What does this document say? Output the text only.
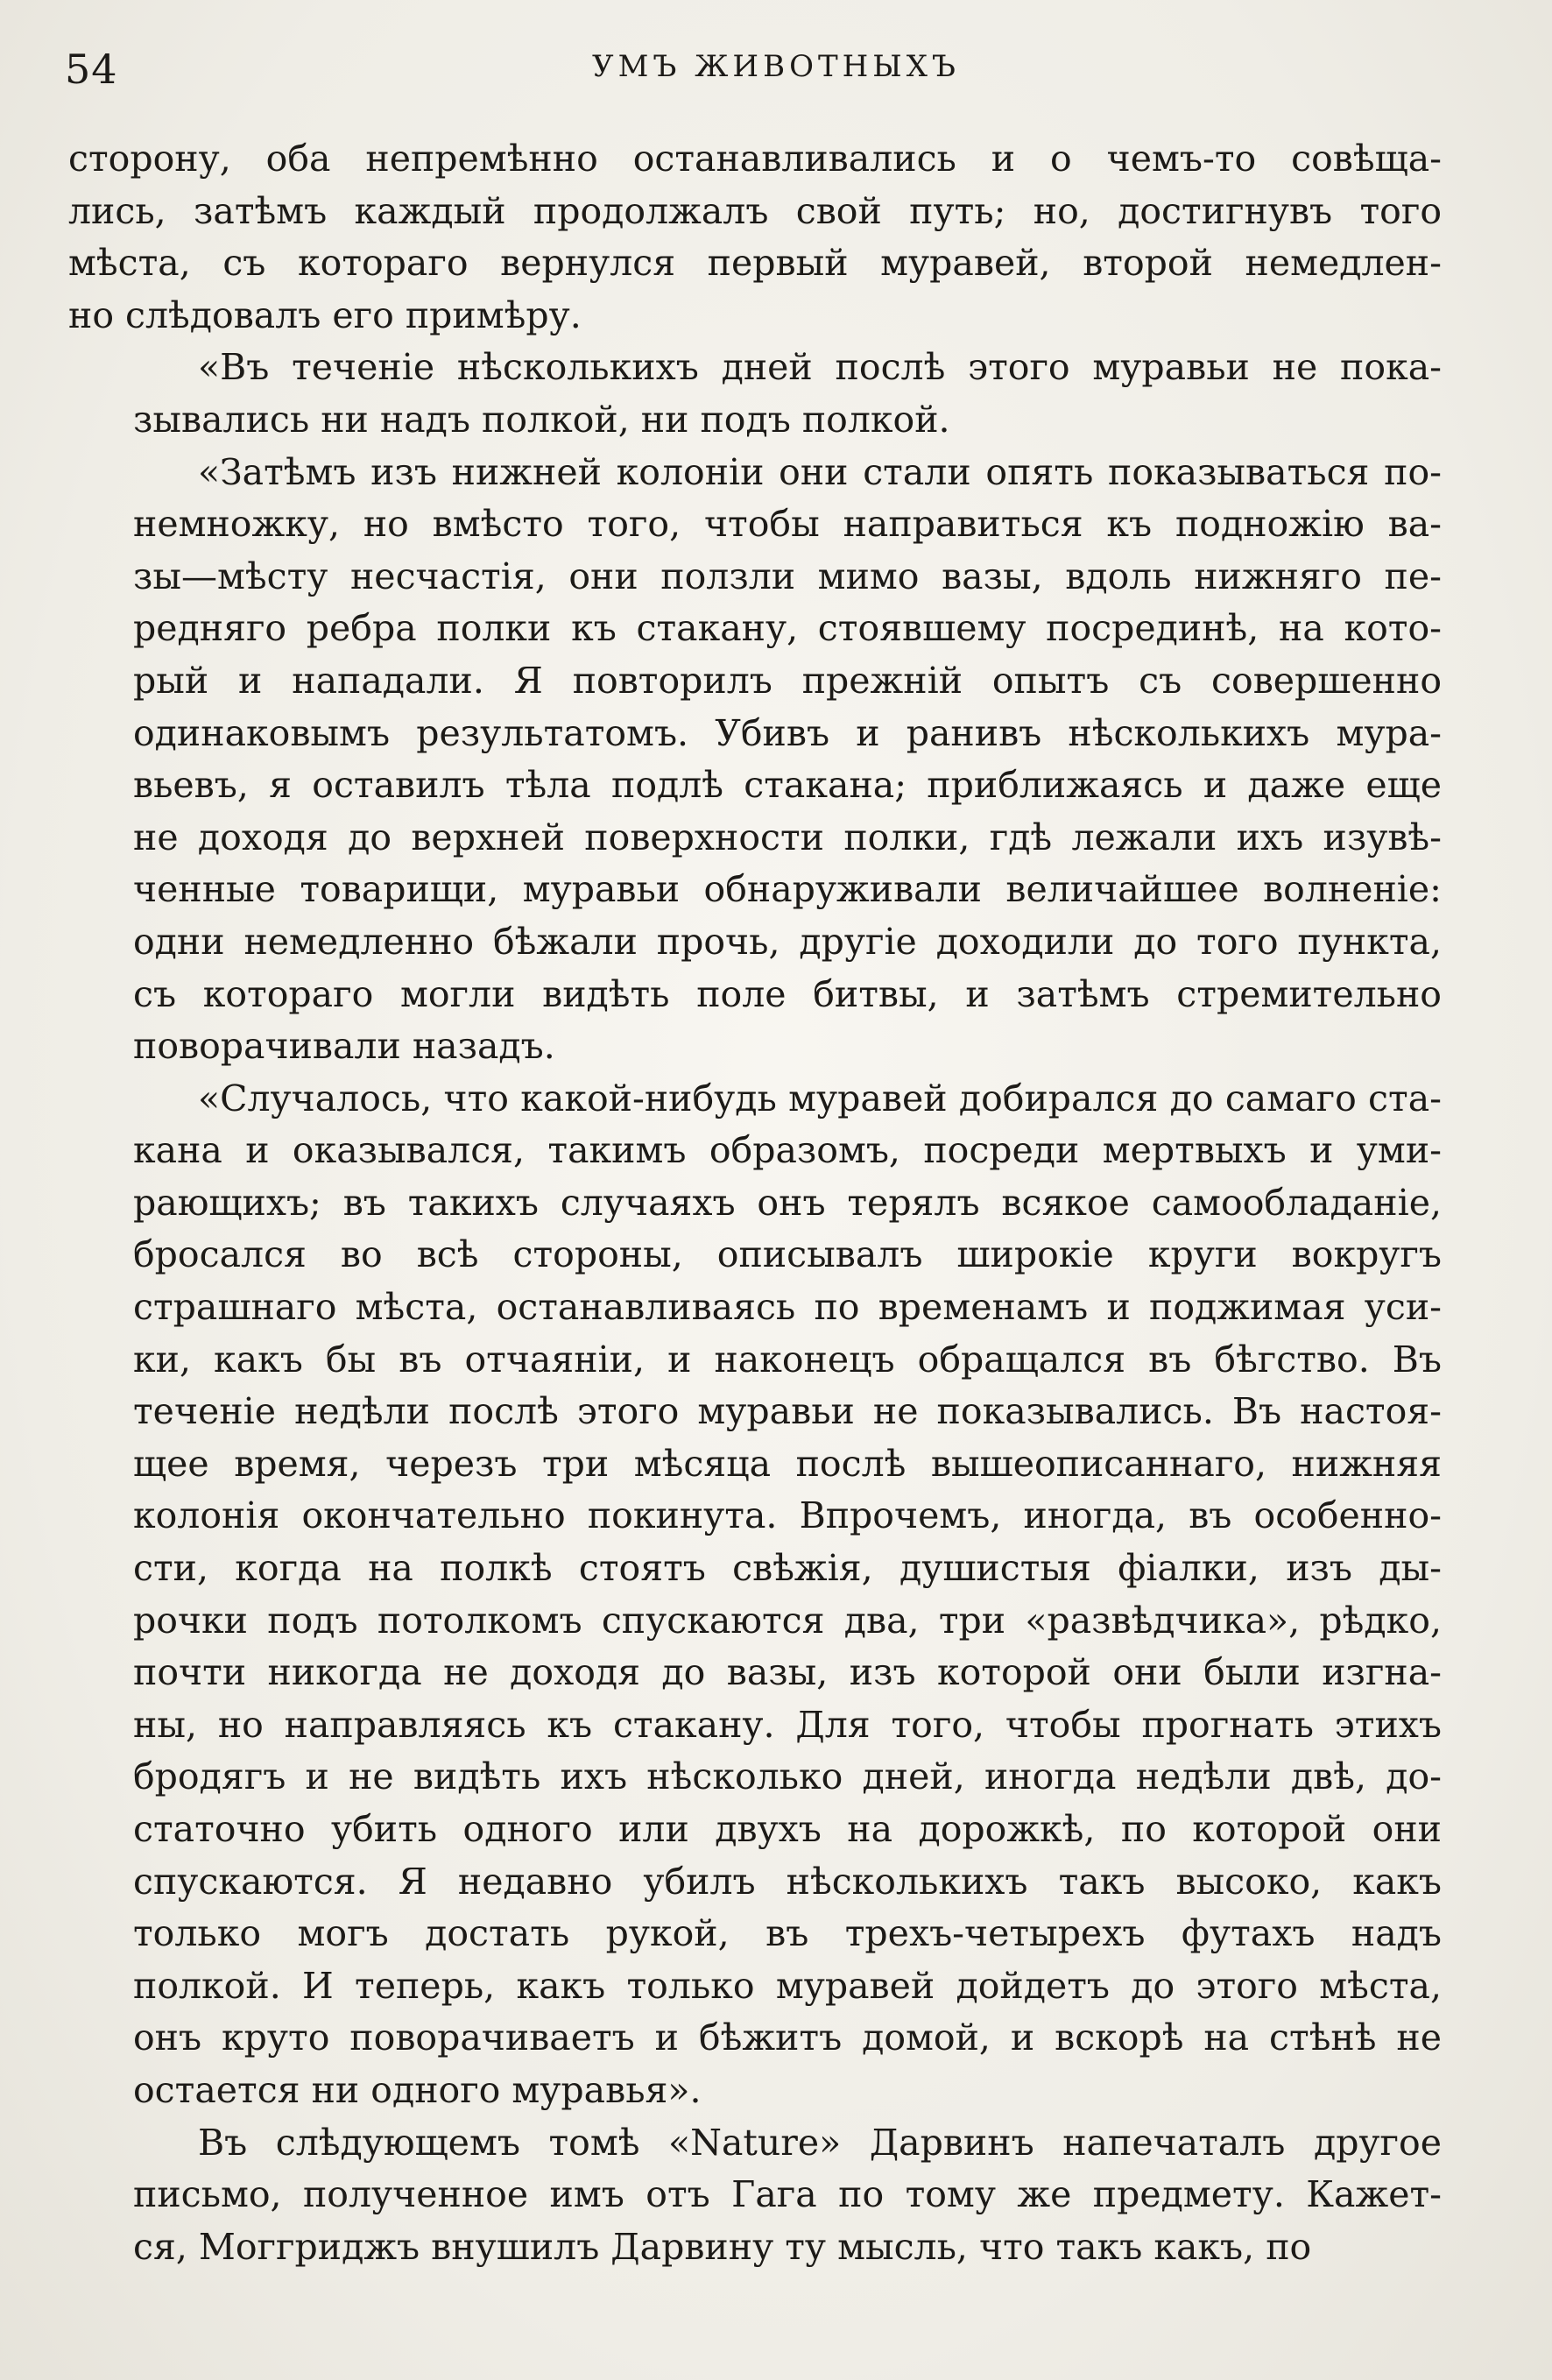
54	УМЪ ЖИВОТНЫХЪ
сторону, оба непремѣнно останавливались и о чемъ-то совѣща-
лись, затѣмъ каждый продолжалъ свой путь; но, достигнувъ того
мѣста, съ котораго вернулся первый муравей, второй немедлен-
но слѣдовалъ его примѣру.
«Въ теченіе нѣсколькихъ дней послѣ этого муравьи не пока-
зывались ни надъ полкой, ни подъ полкой.
«Затѣмъ изъ нижней колоніи они стали опять показываться по-
немножку, но вмѣсто того, чтобы направиться къ подножію ва-
зы—мѣсту несчастія, они ползли мимо вазы, вдоль нижняго пе-
редняго ребра полки къ стакану, стоявшему посрединѣ, на кото-
рый и нападали. Я повторилъ прежній опытъ съ совершенно
одинаковымъ результатомъ. Убивъ и ранивъ нѣсколькихъ мура-
вьевъ, я оставилъ тѣла подлѣ стакана; приближаясь и даже еще
не доходя до верхней поверхности полки, гдѣ лежали ихъ изувѣ-
ченные товарищи, муравьи обнаруживали величайшее волненіе:
одни немедленно бѣжали прочь, другіе доходили до того пункта,
съ котораго могли видѣть поле битвы, и затѣмъ стремительно
поворачивали назадъ.
«Случалось, что какой-нибудь муравей добирался до самаго ста-
кана и оказывался, такимъ образомъ, посреди мертвыхъ и уми-
рающихъ; въ такихъ случаяхъ онъ терялъ всякое самообладаніе,
бросался во всѣ стороны, описывалъ широкіе круги вокругъ
страшнаго мѣста, останавливаясь по временамъ и поджимая уси-
ки, какъ бы въ отчаяніи, и наконецъ обращался въ бѣгство. Въ
теченіе недѣли послѣ этого муравьи не показывались. Въ настоя-
щее время, черезъ три мѣсяца послѣ вышеописаннаго, нижняя
колонія окончательно покинута. Впрочемъ, иногда, въ особенно-
сти, когда на полкѣ стоятъ свѣжія, душистыя фіалки, изъ ды-
рочки подъ потолкомъ спускаются два, три «развѣдчика», рѣдко,
почти никогда не доходя до вазы, изъ которой они были изгна-
ны, но направляясь къ стакану. Для того, чтобы прогнать этихъ
бродягъ и не видѣть ихъ нѣсколько дней, иногда недѣли двѣ, до-
статочно убить одного или двухъ на дорожкѣ, по которой они
спускаются. Я недавно убилъ нѣсколькихъ такъ высоко, какъ
только могъ достать рукой, въ трехъ-четырехъ футахъ надъ
полкой. И теперь, какъ только муравей дойдетъ до этого мѣста,
онъ круто поворачиваетъ и бѣжитъ домой, и вскорѣ на стѣнѣ не
остается ни одного муравья».
Въ слѣдующемъ томѣ «Nature» Дарвинъ напечаталъ другое
письмо, полученное имъ отъ Гага по тому же предмету. Кажет-
ся, Моггриджъ внушилъ Дарвину ту мысль, что такъ какъ, по
